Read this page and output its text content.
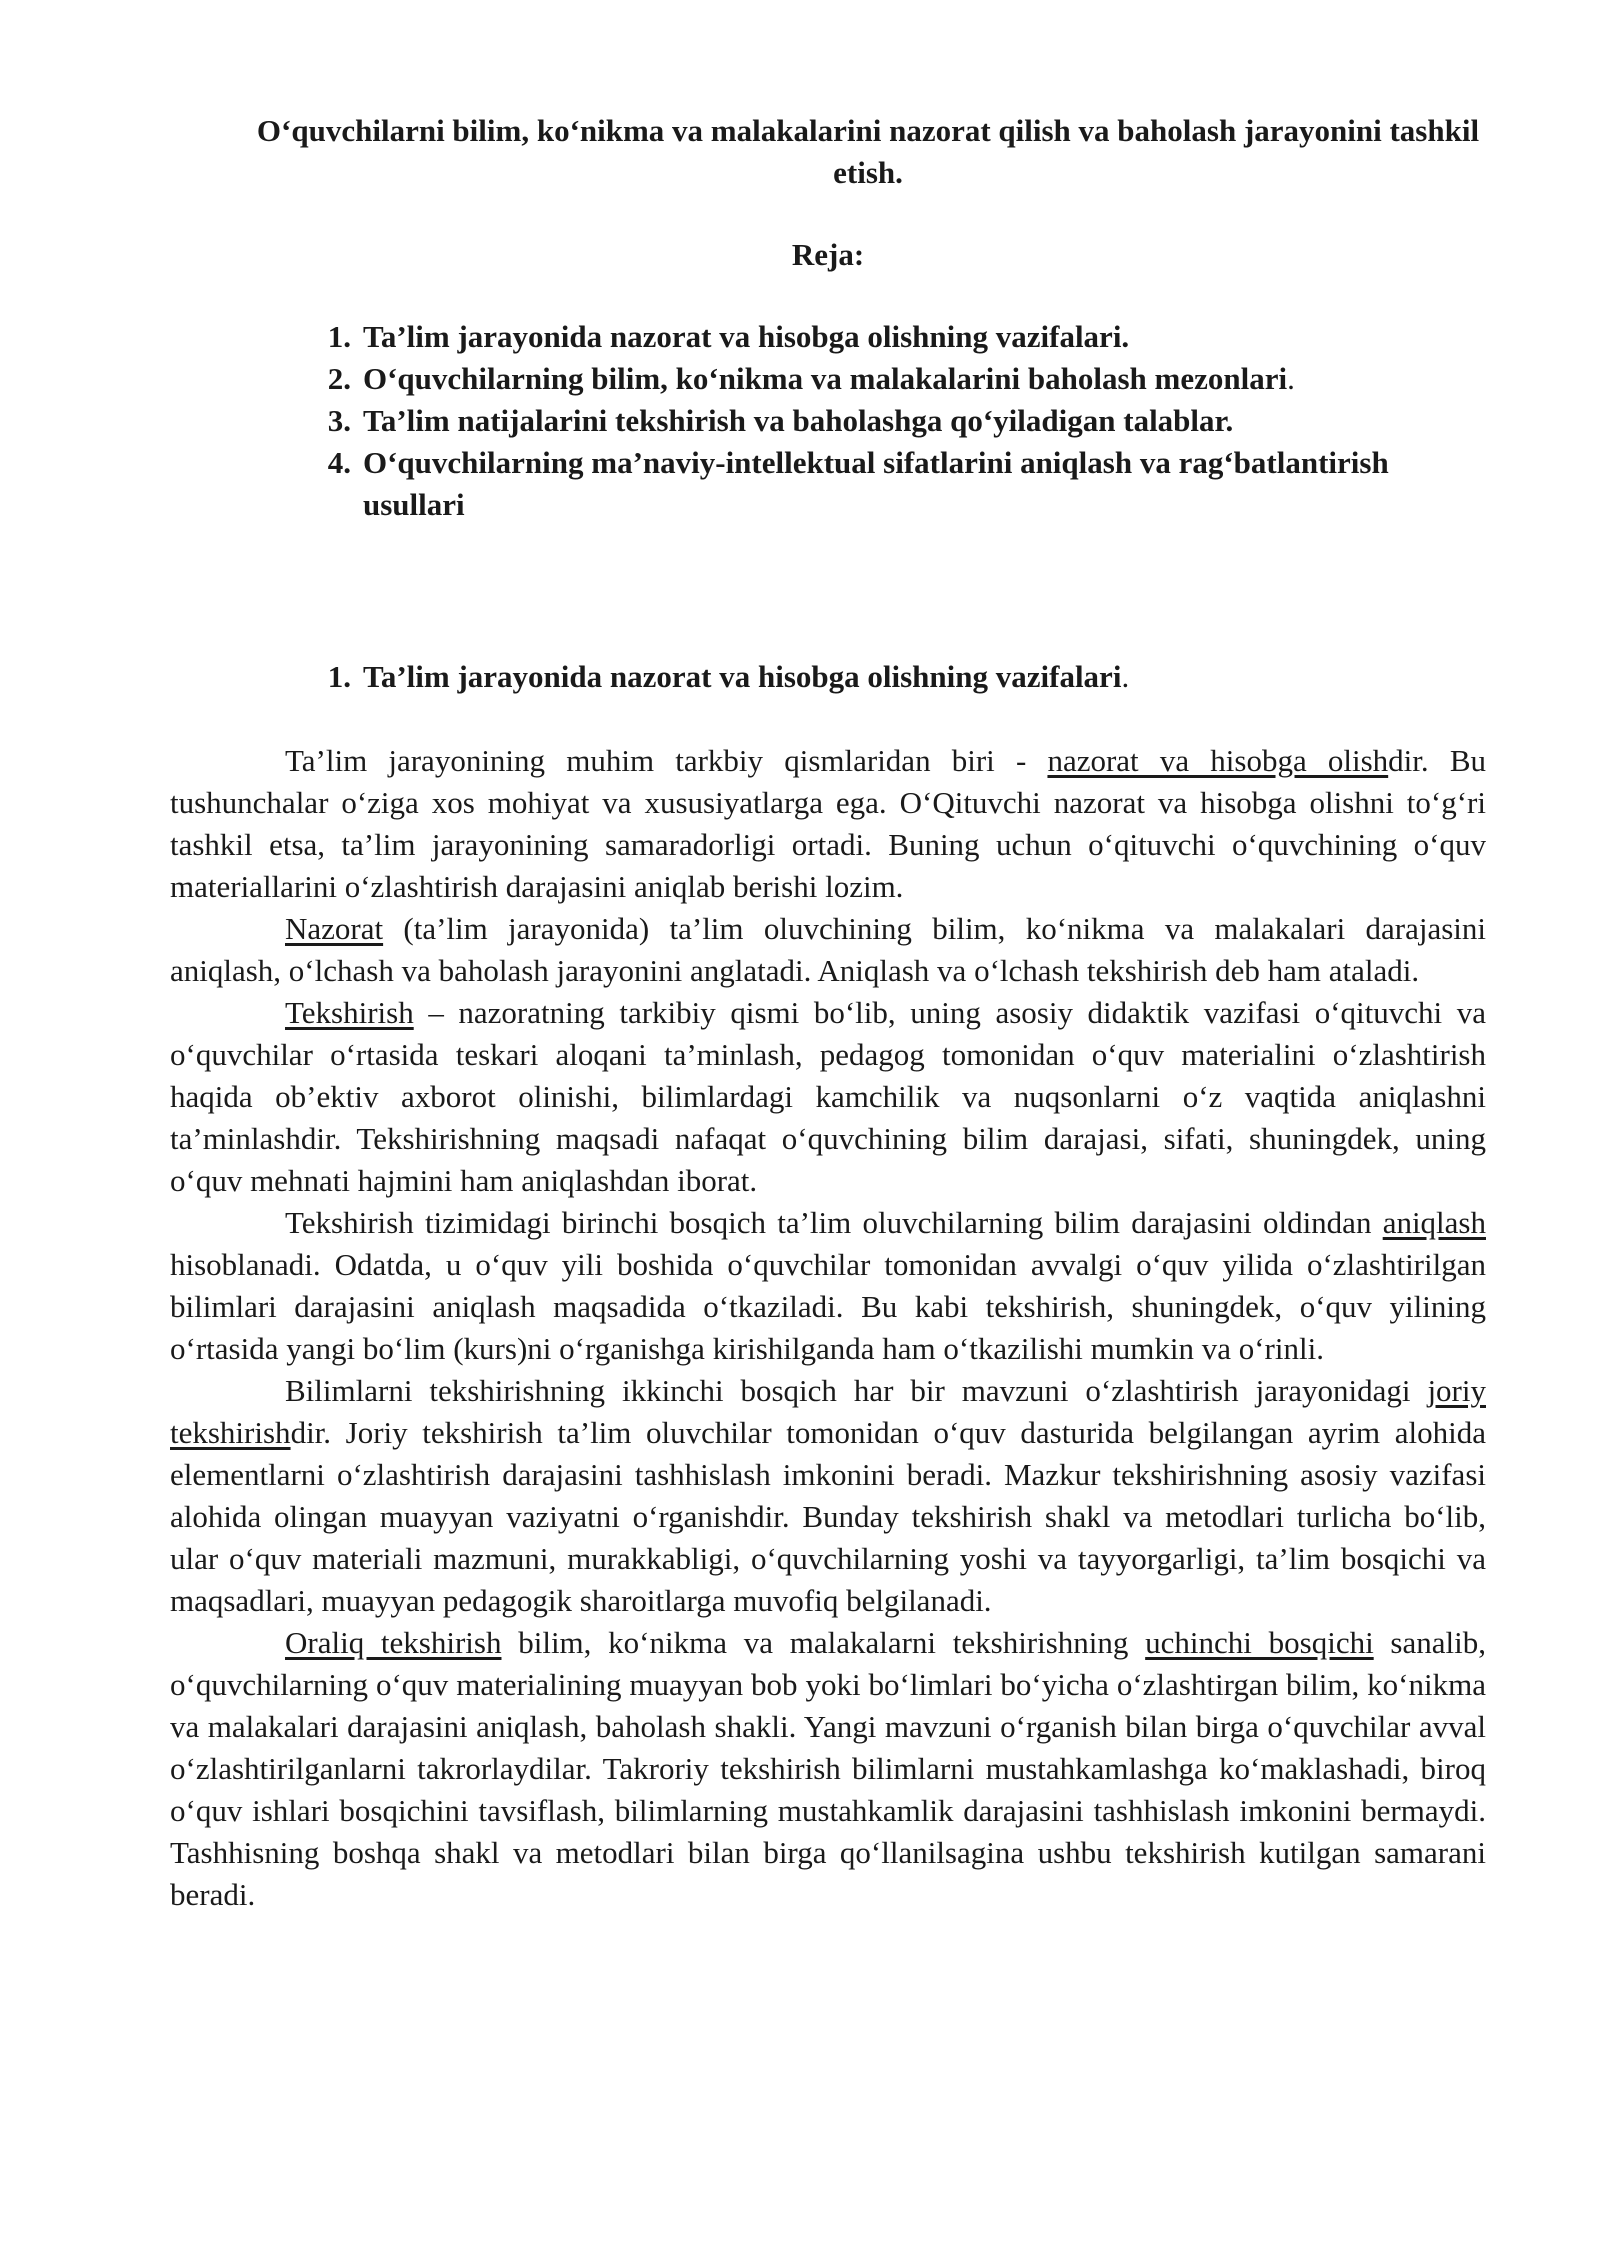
O‘quvchilarni bilim, ko‘nikma va malakalarini nazorat qilish va baholash jarayonini tashkil etish.
Reja:
1. Ta’lim jarayonida nazorat va hisobga olishning vazifalari.
2. O‘quvchilarning bilim, ko‘nikma va malakalarini baholash mezonlari.
3. Ta’lim natijalarini tekshirish va baholashga qo‘yiladigan talablar.
4. O‘quvchilarning ma’naviy-intellektual sifatlarini aniqlash va rag‘batlantirish usullari
1. Ta’lim jarayonida nazorat va hisobga olishning vazifalari.

Ta’lim jarayonining muhim tarkbiy qismlaridan biri - nazorat va hisobga olishdir. Bu tushunchalar o‘ziga xos mohiyat va xususiyatlarga ega. O‘Qituvchi nazorat va hisobga olishni to‘g‘ri tashkil etsa, ta’lim jarayonining samaradorligi ortadi. Buning uchun o‘qituvchi o‘quvchining o‘quv materiallarini o‘zlashtirish darajasini aniqlab berishi lozim.

Nazorat (ta’lim jarayonida) ta’lim oluvchining bilim, ko‘nikma va malakalari darajasini aniqlash, o‘lchash va baholash jarayonini anglatadi. Aniqlash va o‘lchash tekshirish deb ham ataladi.

Tekshirish – nazoratning tarkibiy qismi bo‘lib, uning asosiy didaktik vazifasi o‘qituvchi va o‘quvchilar o‘rtasida teskari aloqani ta’minlash, pedagog tomonidan o‘quv materialini o‘zlashtirish haqida ob’ektiv axborot olinishi, bilimlardagi kamchilik va nuqsonlarni o‘z vaqtida aniqlashni ta’minlashdir. Tekshirishning maqsadi nafaqat o‘quvchining bilim darajasi, sifati, shuningdek, uning o‘quv mehnati hajmini ham aniqlashdan iborat.

Tekshirish tizimidagi birinchi bosqich ta’lim oluvchilarning bilim darajasini oldindan aniqlash hisoblanadi. Odatda, u o‘quv yili boshida o‘quvchilar tomonidan avvalgi o‘quv yilida o‘zlashtirilgan bilimlari darajasini aniqlash maqsadida o‘tkaziladi. Bu kabi tekshirish, shuningdek, o‘quv yilining o‘rtasida yangi bo‘lim (kurs)ni o‘rganishga kirishilganda ham o‘tkazilishi mumkin va o‘rinli.

Bilimlarni tekshirishning ikkinchi bosqich har bir mavzuni o‘zlashtirish jarayonidagi joriy tekshirishdir. Joriy tekshirish ta’lim oluvchilar tomonidan o‘quv dasturida belgilangan ayrim alohida elementlarni o‘zlashtirish darajasini tashhislash imkonini beradi. Mazkur tekshirishning asosiy vazifasi alohida olingan muayyan vaziyatni o‘rganishdir. Bunday tekshirish shakl va metodlari turlicha bo‘lib, ular o‘quv materiali mazmuni, murakkabligi, o‘quvchilarning yoshi va tayyorgarligi, ta’lim bosqichi va maqsadlari, muayyan pedagogik sharoitlarga muvofiq belgilanadi.

Oraliq tekshirish bilim, ko‘nikma va malakalarni tekshirishning uchinchi bosqichi sanalib, o‘quvchilarning o‘quv materialining muayyan bob yoki bo‘limlari bo‘yicha o‘zlashtirgan bilim, ko‘nikma va malakalari darajasini aniqlash, baholash shakli. Yangi mavzuni o‘rganish bilan birga o‘quvchilar avval o‘zlashtirilganlarni takrorlaydilar. Takroriy tekshirish bilimlarni mustahkamlashga ko‘maklashadi, biroq o‘quv ishlari bosqichini tavsiflash, bilimlarning mustahkamlik darajasini tashhislash imkonini bermaydi. Tashhisning boshqa shakl va metodlari bilan birga qo‘llanilsagina ushbu tekshirish kutilgan samarani beradi.
